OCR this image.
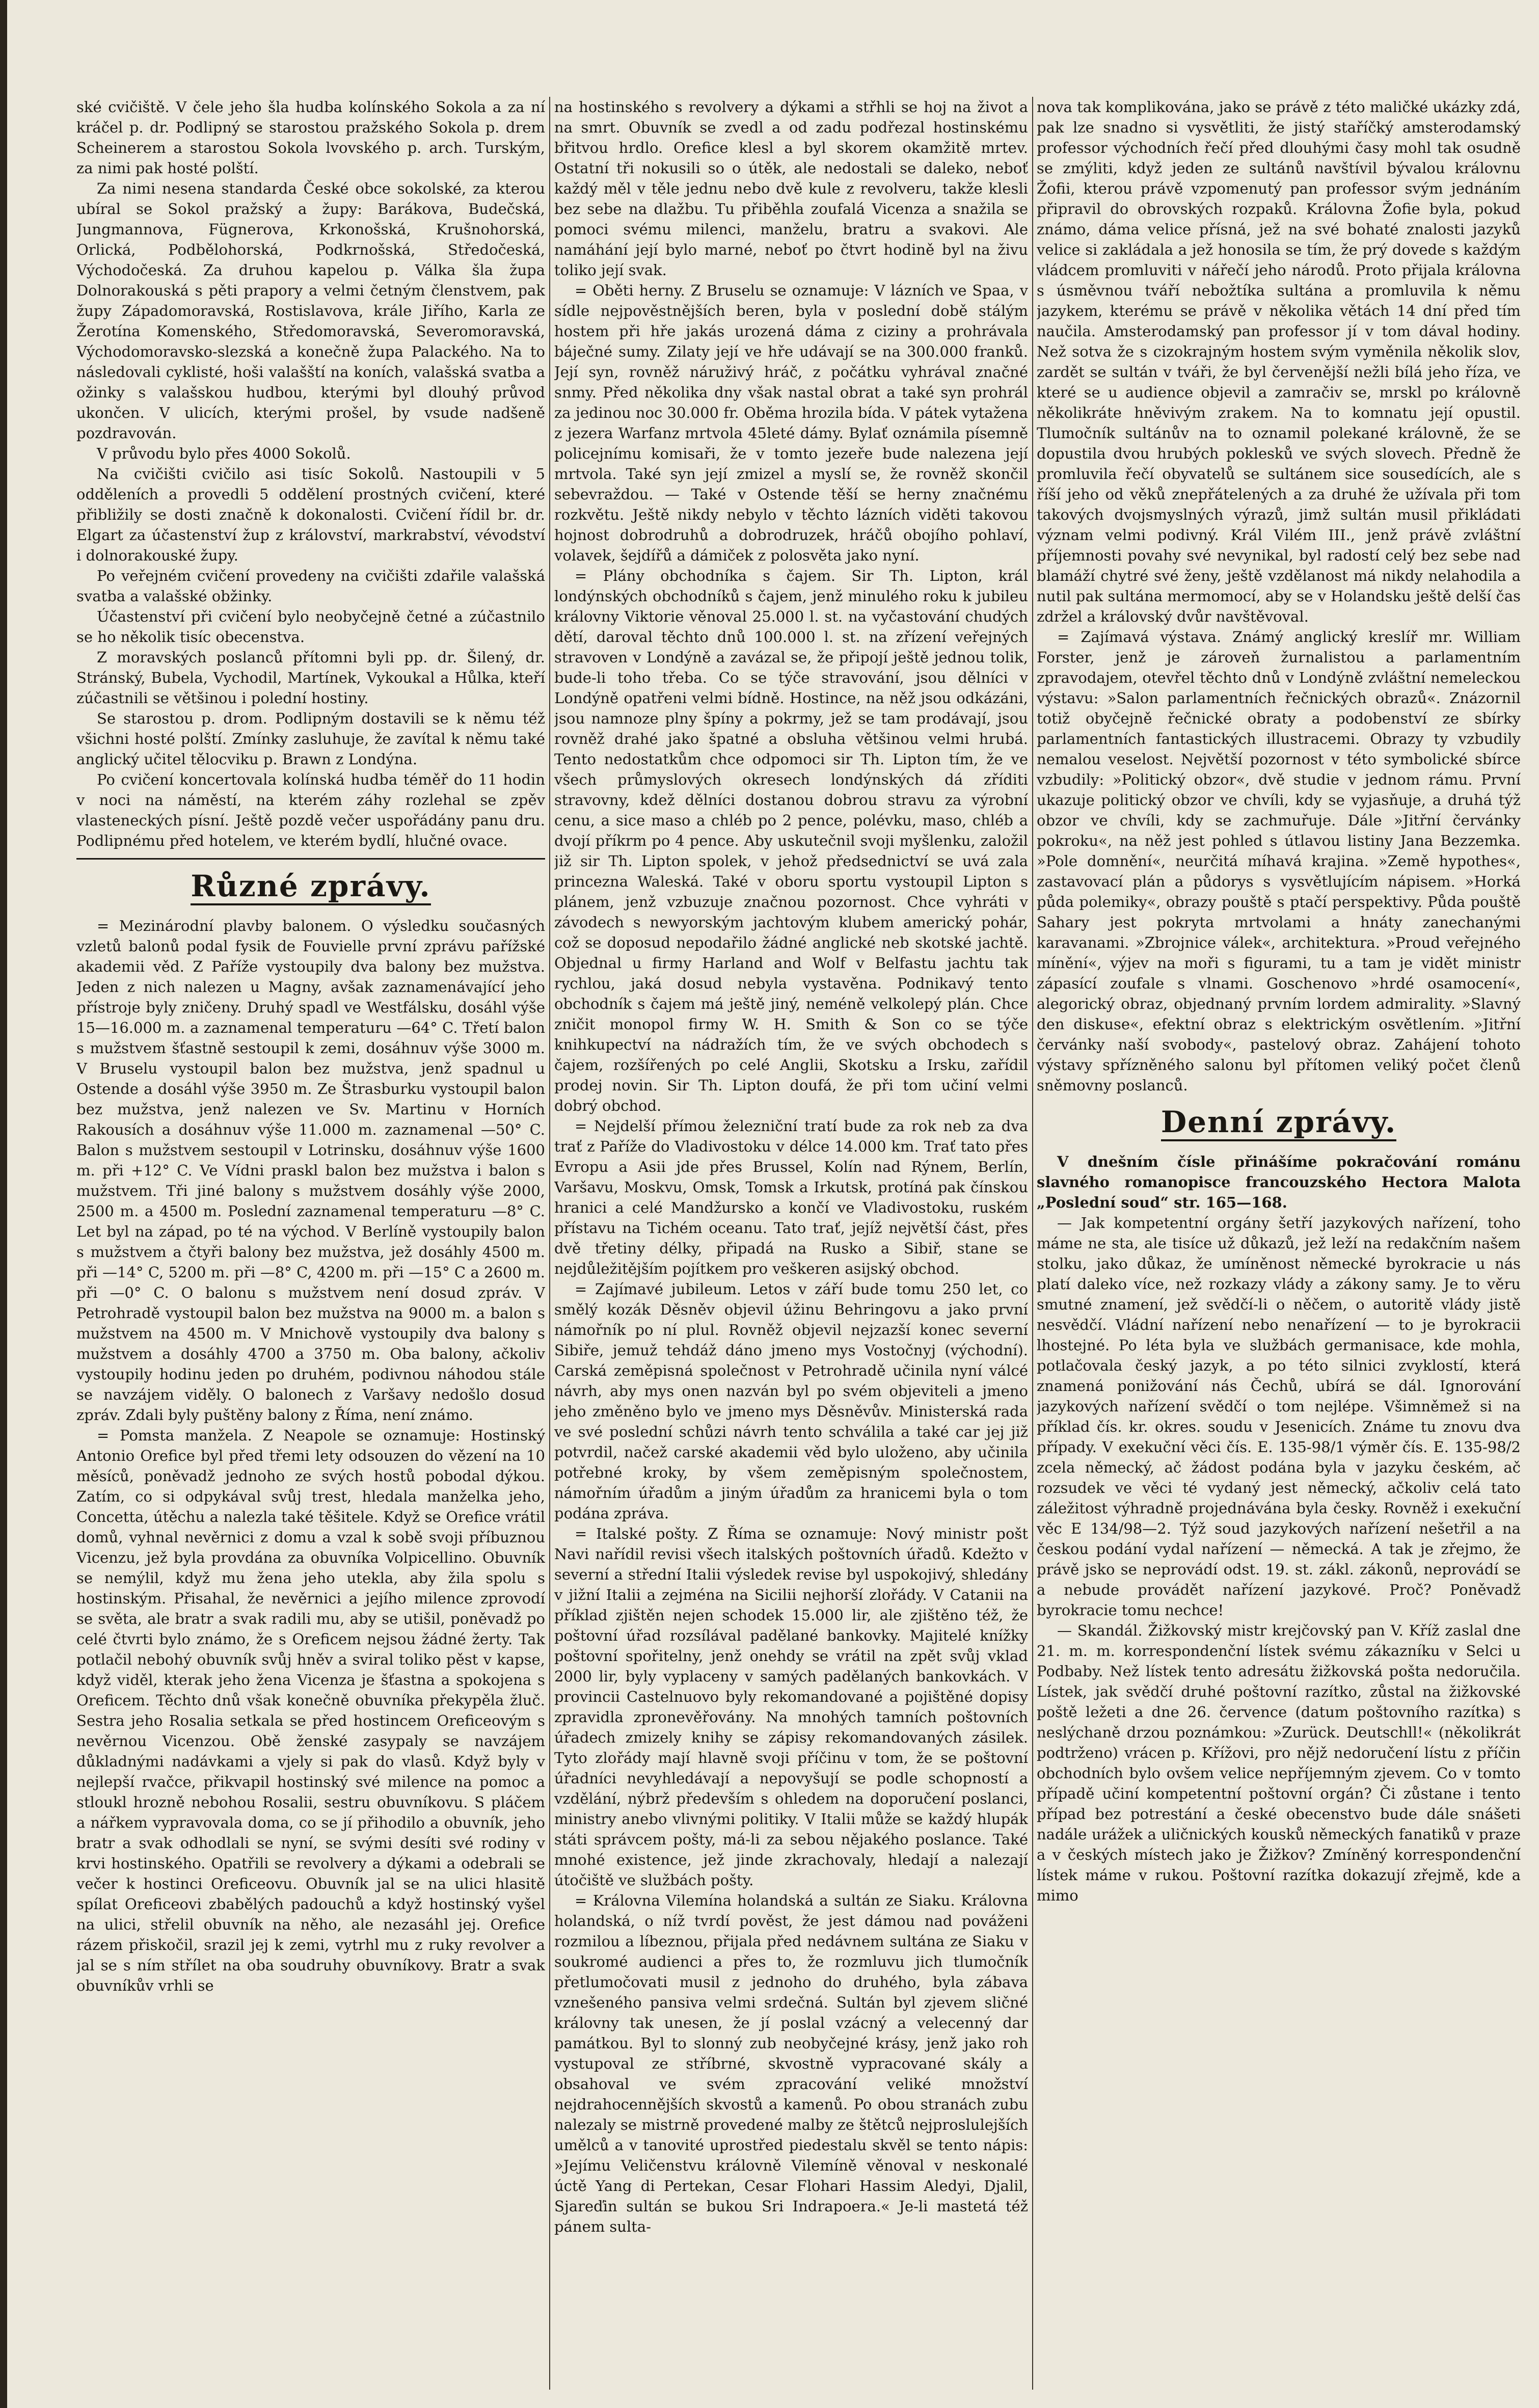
ské cvičiště. V čele jeho šla hudba kolínského Sokola a za ní kráčel p. dr. Podlipný se starostou pražského Sokola p. drem Scheinerem a starostou Sokola lvovského p. arch. Turským, za nimi pak hosté polští.

Za nimi nesena standarda České obce sokolské, za kterou ubíral se Sokol pražský a župy: Barákova, Budečská, Jungmannova, Fügnerova, Krkonošská, Krušnohorská, Orlická, Podbělohorská, Podkrnošská, Středočeská, Východočeská. Za druhou kapelou p. Válka šla župa Dolnorakouská s pěti prapory a velmi četným členstvem, pak župy Západomoravská, Rostislavova, krále Jiřího, Karla ze Žerotína Komenského, Středomoravská, Severomoravská, Východomoravsko-slezská a konečně župa Palackého. Na to následovali cyklisté, hoši valašští na koních, valašská svatba a ožinky s valašskou hudbou, kterými byl dlouhý průvod ukončen. V ulicích, kterými prošel, by vsude nadšeně pozdravován.

V průvodu bylo přes 4000 Sokolů.

Na cvičišti cvičilo asi tisíc Sokolů. Nastoupili v 5 odděleních a provedli 5 oddělení prostných cvičení, které přibližily se dosti značně k dokonalosti. Cvičení řídil br. dr. Elgart za účastenství žup z království, markrabství, vévodství i dolnorakouské župy.

Po veřejném cvičení provedeny na cvičišti zdařile valašská svatba a valašské obžinky.

Účastenství při cvičení bylo neobyčejně četné a zúčastnilo se ho několik tisíc obecenstva.

Z moravských poslanců přítomni byli pp. dr. Šilený, dr. Stránský, Bubela, Vychodil, Martínek, Vykoukal a Hůlka, kteří zúčastnili se většinou i polední hostiny.

Se starostou p. drom. Podlipným dostavili se k němu též všichni hosté polští. Zmínky zasluhuje, že zavítal k němu také anglický učitel tělocviku p. Brawn z Londýna.

Po cvičení koncertovala kolínská hudba téměř do 11 hodin v noci na náměstí, na kterém záhy rozlehal se zpěv vlasteneckých písní. Ještě pozdě večer uspořádány panu dru. Podlipnému před hotelem, ve kterém bydlí, hlučné ovace.

Různé zprávy.

= Mezinárodní plavby balonem. O výsledku současných vzletů balonů podal fysik de Fouvielle první zprávu pařížské akademii věd. Z Paříže vystoupily dva balony bez mužstva. Jeden z nich nalezen u Magny, avšak zaznamenávající jeho přístroje byly zničeny. Druhý spadl ve Westfálsku, dosáhl výše 15—16.000 m. a zaznamenal temperaturu —64° C. Třetí balon s mužstvem šťastně sestoupil k zemi, dosáhnuv výše 3000 m. V Bruselu vystoupil balon bez mužstva, jenž spadnul u Ostende a dosáhl výše 3950 m. Ze Štrasburku vystoupil balon bez mužstva, jenž nalezen ve Sv. Martinu v Horních Rakousích a dosáhnuv výše 11.000 m. zaznamenal —50° C. Balon s mužstvem sestoupil v Lotrinsku, dosáhnuv výše 1600 m. při +12° C. Ve Vídni praskl balon bez mužstva i balon s mužstvem. Tři jiné balony s mužstvem dosáhly výše 2000, 2500 m. a 4500 m. Poslední zaznamenal temperaturu —8° C. Let byl na západ, po té na východ. V Berlíně vystoupily balon s mužstvem a čtyři balony bez mužstva, jež dosáhly 4500 m. při —14° C, 5200 m. při —8° C, 4200 m. při —15° C a 2600 m. při —0° C. O balonu s mužstvem není dosud zpráv. V Petrohradě vystoupil balon bez mužstva na 9000 m. a balon s mužstvem na 4500 m. V Mnichově vystoupily dva balony s mužstvem a dosáhly 4700 a 3750 m. Oba balony, ačkoliv vystoupily hodinu jeden po druhém, podivnou náhodou stále se navzájem viděly. O balonech z Varšavy nedošlo dosud zpráv. Zdali byly puštěny balony z Říma, není známo.

= Pomsta manžela. Z Neapole se oznamuje: Hostinský Antonio Orefice byl před třemi lety odsouzen do vězení na 10 měsíců, poněvadž jednoho ze svých hostů pobodal dýkou. Zatím, co si odpykával svůj trest, hledala manželka jeho, Concetta, útěchu a nalezla také těšitele. Když se Orefice vrátil domů, vyhnal nevěrnici z domu a vzal k sobě svoji příbuznou Vicenzu, jež byla provdána za obuvníka Volpicellino. Obuvník se nemýlil, když mu žena jeho utekla, aby žila spolu s hostinským. Přisahal, že nevěrnici a jejího milence zprovodí se světa, ale bratr a svak radili mu, aby se utišil, poněvadž po celé čtvrti bylo známo, že s Oreficem nejsou žádné žerty. Tak potlačil nebohý obuvník svůj hněv a sviral toliko pěst v kapse, když viděl, kterak jeho žena Vicenza je šťastna a spokojena s Oreficem. Těchto dnů však konečně obuvníka překypěla žluč. Sestra jeho Rosalia setkala se před hostincem Oreficeovým s nevěrnou Vicenzou. Obě ženské zasypaly se navzájem důkladnými nadávkami a vjely si pak do vlasů. Když byly v nejlepší rvačce, přikvapil hostinský své milence na pomoc a stloukl hrozně nebohou Rosalii, sestru obuvníkovu. S pláčem a nářkem vypravovala doma, co se jí přihodilo a obuvník, jeho bratr a svak odhodlali se nyní, se svými desíti své rodiny v krvi hostinského. Opatřili se revolvery a dýkami a odebrali se večer k hostinci Oreficeovu. Obuvník jal se na ulici hlasitě spílat Oreficeovi zbabělých padouchů a když hostinský vyšel na ulici, střelil obuvník na něho, ale nezasáhl jej. Orefice rázem přiskočil, srazil jej k zemi, vytrhl mu z ruky revolver a jal se s ním střílet na oba soudruhy obuvníkovy. Bratr a svak obuvníkův vrhli se

na hostinského s revolvery a dýkami a střhli se hoj na život a na smrt. Obuvník se zvedl a od zadu podřezal hostinskému břitvou hrdlo. Orefice klesl a byl skorem okamžitě mrtev. Ostatní tři nokusili so o útěk, ale nedostali se daleko, neboť každý měl v těle jednu nebo dvě kule z revolveru, takže klesli bez sebe na dlažbu. Tu přiběhla zoufalá Vicenza a snažila se pomoci svému milenci, manželu, bratru a svakovi. Ale namáhání její bylo marné, neboť po čtvrt hodině byl na živu toliko její svak.

= Oběti herny. Z Bruselu se oznamuje: V lázních ve Spaa, v sídle nejpověstnějších beren, byla v poslední době stálým hostem při hře jakás urozená dáma z ciziny a prohrávala báječné sumy. Zilaty její ve hře udávají se na 300.000 franků. Její syn, rovněž náruživý hráč, z počátku vyhrával značné snmy. Před několika dny však nastal obrat a také syn prohrál za jedinou noc 30.000 fr. Oběma hrozila bída. V pátek vytažena z jezera Warfanz mrtvola 45leté dámy. Bylať oznámila písemně policejnímu komisaři, že v tomto jezeře bude nalezena její mrtvola. Také syn její zmizel a myslí se, že rovněž skončil sebevraždou. — Také v Ostende těší se herny značnému rozkvětu. Ještě nikdy nebylo v těchto lázních viděti takovou hojnost dobrodruhů a dobrodruzek, hráčů obojího pohlaví, volavek, šejdířů a dámiček z polosvěta jako nyní.

= Plány obchodníka s čajem. Sir Th. Lipton, král londýnských obchodníků s čajem, jenž minulého roku k jubileu královny Viktorie věnoval 25.000 l. st. na vyčastování chudých dětí, daroval těchto dnů 100.000 l. st. na zřízení veřejných stravoven v Londýně a zavázal se, že připojí ještě jednou tolik, bude-li toho třeba. Co se týče stravování, jsou dělníci v Londýně opatřeni velmi bídně. Hostince, na něž jsou odkázáni, jsou namnoze plny špíny a pokrmy, jež se tam prodávají, jsou rovněž drahé jako špatné a obsluha většinou velmi hrubá. Tento nedostatkům chce odpomoci sir Th. Lipton tím, že ve všech průmyslových okresech londýnských dá zříditi stravovny, kdež dělníci dostanou dobrou stravu za výrobní cenu, a sice maso a chléb po 2 pence, polévku, maso, chléb a dvojí příkrm po 4 pence. Aby uskutečnil svoji myšlenku, založil již sir Th. Lipton spolek, v jehož předsednictví se uvá zala princezna Waleská. Také v oboru sportu vystoupil Lipton s plánem, jenž vzbuzuje značnou pozornost. Chce vyhráti v závodech s newyorským jachtovým klubem americký pohár, což se doposud nepodařilo žádné anglické neb skotské jachtě. Objednal u firmy Harland and Wolf v Belfastu jachtu tak rychlou, jaká dosud nebyla vystavěna. Podnikavý tento obchodník s čajem má ještě jiný, neméně velkolepý plán. Chce zničit monopol firmy W. H. Smith & Son co se týče knihkupectví na nádražích tím, že ve svých obchodech s čajem, rozšířených po celé Anglii, Skotsku a Irsku, zařídil prodej novin. Sir Th. Lipton doufá, že při tom učiní velmi dobrý obchod.

= Nejdelší přímou železniční tratí bude za rok neb za dva trať z Paříže do Vladivostoku v délce 14.000 km. Trať tato přes Evropu a Asii jde přes Brussel, Kolín nad Rýnem, Berlín, Varšavu, Moskvu, Omsk, Tomsk a Irkutsk, protíná pak čínskou hranici a celé Mandžursko a končí ve Vladivostoku, ruském přístavu na Tichém oceanu. Tato trať, jejíž největší část, přes dvě třetiny délky, připadá na Rusko a Sibiř, stane se nejdůležitějším pojítkem pro veškeren asijský obchod.

= Zajímavé jubileum. Letos v září bude tomu 250 let, co smělý kozák Děsněv objevil úžinu Behringovu a jako první námořník po ní plul. Rovněž objevil nejzazší konec severní Sibiře, jemuž tehdáž dáno jmeno mys Vostočnyj (východní). Carská zeměpisná společnost v Petrohradě učinila nyní válcé návrh, aby mys onen nazván byl po svém objeviteli a jmeno jeho změněno bylo ve jmeno mys Děsněvův. Ministerská rada ve své poslední schůzi návrh tento schválila a také car jej již potvrdil, načež carské akademii věd bylo uloženo, aby učinila potřebné kroky, by všem zeměpisným společnostem, námořním úřadům a jiným úřadům za hranicemi byla o tom podána zpráva.

= Italské pošty. Z Říma se oznamuje: Nový ministr pošt Navi nařídil revisi všech italských poštovních úřadů. Kdežto v severní a střední Italii výsledek revise byl uspokojivý, shledány v jižní Italii a zejména na Sicilii nejhorší zlořády. V Catanii na příklad zjištěn nejen schodek 15.000 lir, ale zjištěno též, že poštovní úřad rozsílával padělané bankovky. Majitelé knížky poštovní spořitelny, jenž onehdy se vrátil na zpět svůj vklad 2000 lir, byly vyplaceny v samých padělaných bankovkách. V provincii Castelnuovo byly rekomandované a pojištěné dopisy zpravidla zpronevěřovány. Na mnohých tamních poštovních úřadech zmizely knihy se zápisy rekomandovaných zásilek. Tyto zlořády mají hlavně svoji příčinu v tom, že se poštovní úřadníci nevyhledávají a nepovyšují se podle schopností a vzdělání, nýbrž především s ohledem na doporučení poslanci, ministry anebo vlivnými politiky. V Italii může se každý hlupák státi správcem pošty, má-li za sebou nějakého poslance. Také mnohé existence, jež jinde zkrachovaly, hledají a nalezají útočiště ve službách pošty.

= Královna Vilemína holandská a sultán ze Siaku. Královna holandská, o níž tvrdí pověst, že jest dámou nad pováženi rozmilou a líbeznou, přijala před nedávnem sultána ze Siaku v soukromé audienci a přes to, že rozmluvu jich tlumočník přetlumočovati musil z jednoho do druhého, byla zábava vznešeného pansiva velmi srdečná. Sultán byl zjevem sličné královny tak unesen, že jí poslal vzácný a velecenný dar památkou. Byl to slonný zub neobyčejné krásy, jenž jako roh vystupoval ze stříbrné, skvostně vypracované skály a obsahoval ve svém zpracování veliké množství nejdrahocennějších skvostů a kamenů. Po obou stranách zubu nalezaly se mistrně provedené malby ze štětců nejproslulejších umělců a v tanovité uprostřed piedestalu skvěl se tento nápis: »Jejímu Veličenstvu královně Vilemíně věnoval v neskonalé úctě Yang di Pertekan, Cesar Flohari Hassim Aledyi, Djalil, Sjareďin sultán se bukou Sri Indrapoera.« Je-li mastetá též pánem sulta-

nova tak komplikována, jako se právě z této maličké ukázky zdá, pak lze snadno si vysvětliti, že jistý staříčký amsterodamský professor východních řečí před dlouhými časy mohl tak osudně se zmýliti, když jeden ze sultánů navštívil bývalou královnu Žofii, kterou právě vzpomenutý pan professor svým jednáním připravil do obrovských rozpaků. Královna Žofie byla, pokud známo, dáma velice přísná, jež na své bohaté znalosti jazyků velice si zakládala a jež honosila se tím, že prý dovede s každým vládcem promluviti v nářečí jeho národů. Proto přijala královna s úsměvnou tváří nebožtíka sultána a promluvila k němu jazykem, kterému se právě v několika větách 14 dní před tím naučila. Amsterodamský pan professor jí v tom dával hodiny. Než sotva že s cizokrajným hostem svým vyměnila několik slov, zardět se sultán v tváři, že byl červenější nežli bílá jeho říza, ve které se u audience objevil a zamračiv se, mrskl po královně několikráte hněvivým zrakem. Na to komnatu její opustil. Tlumočník sultánův na to oznamil polekané královně, že se dopustila dvou hrubých poklesků ve svých slovech. Předně že promluvila řečí obyvatelů se sultánem sice sousedících, ale s říší jeho od věků znepřátelených a za druhé že užívala při tom takových dvojsmyslných výrazů, jimž sultán musil přikládati význam velmi podivný. Král Vilém III., jenž právě zvláštní příjemnosti povahy své nevynikal, byl radostí celý bez sebe nad blamáží chytré své ženy, ještě vzdělanost má nikdy nelahodila a nutil pak sultána mermomocí, aby se v Holandsku ještě delší čas zdržel a královský dvůr navštěvoval.

= Zajímavá výstava. Známý anglický kreslíř mr. William Forster, jenž je zároveň žurnalistou a parlamentním zpravodajem, otevřel těchto dnů v Londýně zvláštní nemeleckou výstavu: »Salon parlamentních řečnických obrazů«. Znázornil totiž obyčejně řečnické obraty a podobenství ze sbírky parlamentních fantastických illustracemi. Obrazy ty vzbudily nemalou veselost. Největší pozornost v této symbolické sbírce vzbudily: »Politický obzor«, dvě studie v jednom rámu. První ukazuje politický obzor ve chvíli, kdy se vyjasňuje, a druhá týž obzor ve chvíli, kdy se zachmuřuje. Dále »Jitřní červánky pokroku«, na něž jest pohled s útlavou listiny Jana Bezzemka. »Pole domnění«, neurčitá míhavá krajina. »Země hypothes«, zastavovací plán a půdorys s vysvětlujícím nápisem. »Horká půda polemiky«, obrazy pouště s ptačí perspektivy. Půda pouště Sahary jest pokryta mrtvolami a hnáty zanechanými karavanami. »Zbrojnice válek«, architektura. »Proud veřejného mínění«, výjev na moři s figurami, tu a tam je vidět ministr zápasící zoufale s vlnami. Goschenovo »hrdé osamocení«, alegorický obraz, objednaný prvním lordem admirality. »Slavný den diskuse«, efektní obraz s elektrickým osvětlením. »Jitřní červánky naší svobody«, pastelový obraz. Zahájení tohoto výstavy spřízněného salonu byl přítomen veliký počet členů sněmovny poslanců.

Denní zprávy.

V dnešním čísle přinášíme pokračování románu slavného romanopisce francouzského Hectora Malota „Poslední soud“ str. 165—168.

— Jak kompetentní orgány šetří jazykových nařízení, toho máme ne sta, ale tisíce už důkazů, jež leží na redakčním našem stolku, jako důkaz, že umíněnost německé byrokracie u nás platí daleko více, než rozkazy vlády a zákony samy. Je to věru smutné znamení, jež svědčí-li o něčem, o autoritě vlády jistě nesvědčí. Vládní nařízení nebo nenařízení — to je byrokracii lhostejné. Po léta byla ve službách germanisace, kde mohla, potlačovala český jazyk, a po této silnici zvyklostí, která znamená ponižování nás Čechů, ubírá se dál. Ignorování jazykových nařízení svědčí o tom nejlépe. Všimněmež si na příklad čís. kr. okres. soudu v Jesenicích. Známe tu znovu dva případy. V exekuční věci čís. E. 135-98/1 výměr čís. E. 135-98/2 zcela německý, ač žádost podána byla v jazyku českém, ač rozsudek ve věci té vydaný jest německý, ačkoliv celá tato záležitost výhradně projednávána byla česky. Rovněž i exekuční věc E 134/98—2. Týž soud jazykových nařízení nešetřil a na českou podání vydal nařízení — německá. A tak je zřejmo, že právě jsko se neprovádí odst. 19. st. zákl. zákonů, neprovádí se a nebude provádět nařízení jazykové. Proč? Poněvadž byrokracie tomu nechce!

— Skandál. Žižkovský mistr krejčovský pan V. Kříž zaslal dne 21. m. m. korrespondenční lístek svému zákazníku v Selci u Podbaby. Než lístek tento adresátu žižkovská pošta nedoručila. Lístek, jak svědčí druhé poštovní razítko, zůstal na žižkovské poště ležeti a dne 26. července (datum poštovního razítka) s neslýchaně drzou poznámkou: »Zurück. Deutschll!« (několikrát podtrženo) vrácen p. Křížovi, pro nějž nedoručení lístu z příčin obchodních bylo ovšem velice nepříjemným zjevem. Co v tomto případě učiní kompetentní poštovní orgán? Či zůstane i tento případ bez potrestání a české obecenstvo bude dále snášeti nadále urážek a uličnických kousků německých fanatiků v praze a v českých místech jako je Žižkov? Zmíněný korrespondenční lístek máme v rukou. Poštovní razítka dokazují zřejmě, kde a mimo
